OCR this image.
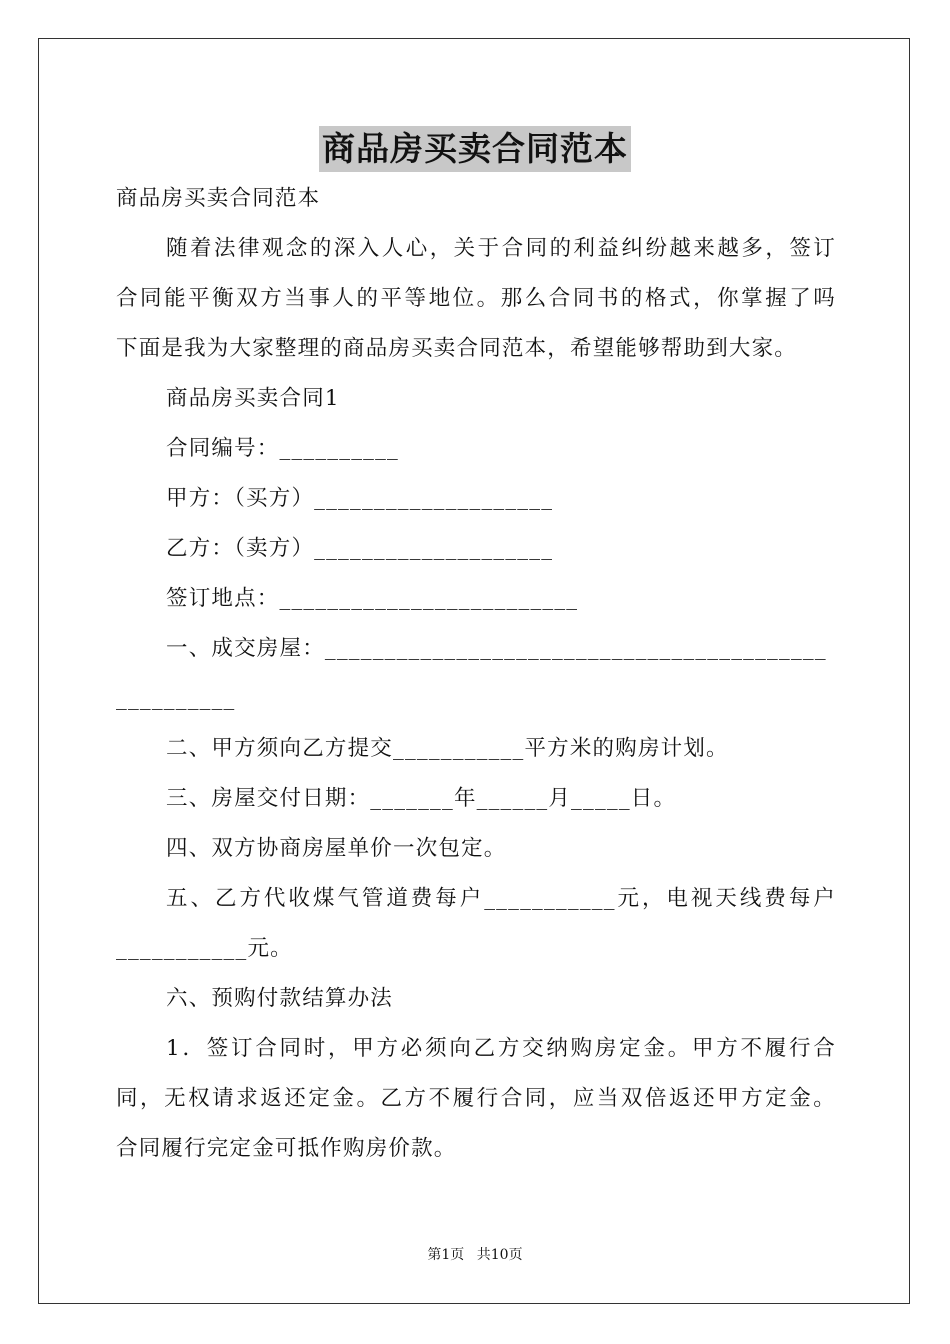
商品房买卖合同范本
商品房买卖合同范本
随着法律观念的深入人心，关于合同的利益纠纷越来越多，签订
合同能平衡双方当事人的平等地位。那么合同书的格式，你掌握了吗
下面是我为大家整理的商品房买卖合同范本，希望能够帮助到大家。
商品房买卖合同1
合同编号：__________
甲方：（买方）____________________
乙方：（卖方）____________________
签订地点：_________________________
一、成交房屋：__________________________________________
__________
二、甲方须向乙方提交___________平方米的购房计划。
三、房屋交付日期：_______年______月_____日。
四、双方协商房屋单价一次包定。
五、乙方代收煤气管道费每户___________元，电视天线费每户
___________元。
六、预购付款结算办法
1．签订合同时，甲方必须向乙方交纳购房定金。甲方不履行合
同，无权请求返还定金。乙方不履行合同，应当双倍返还甲方定金。
合同履行完定金可抵作购房价款。
第1页 共10页
